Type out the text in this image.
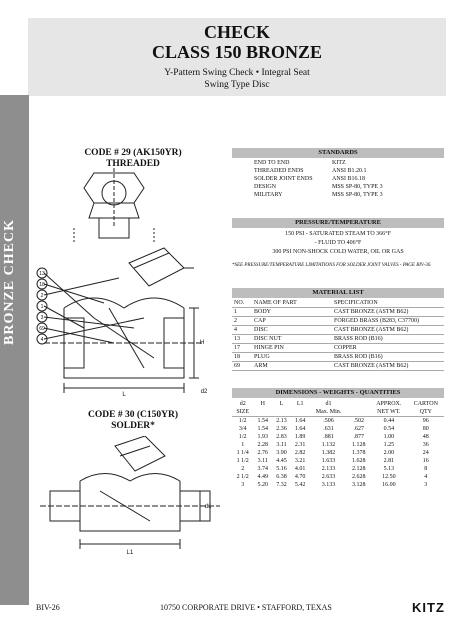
BRONZE CHECK
CHECK
CLASS 150 BRONZE
Y-Pattern Swing Check • Integral Seat
Swing Type Disc
CODE # 29 (AK150YR)
THREADED
13
18
2
1
3
69
4
L	d2
H
CODE # 30 (C150YR)
SOLDER*
L1
d1
STANDARDS
END TO END	KITZ
THREADED ENDS	ANSI B1.20.1
SOLDER JOINT ENDS	ANSI B16.18
DESIGN	MSS SP-80, TYPE 3
MILITARY	MSS SP-80, TYPE 3
PRESSURE/TEMPERATURE
150 PSI - SATURATED STEAM TO 366°F
- FLUID TO 406°F
300 PSI NON-SHOCK COLD WATER, OIL OR GAS
*SEE PRESSURE/TEMPERATURE LIMITATIONS FOR SOLDER JOINT VALVES - PAGE BIV-36.
MATERIAL LIST
NO.	NAME OF PART	SPECIFICATION
1	BODY	CAST BRONZE (ASTM B62)
2	CAP	FORGED BRASS (B283, C37700)
4	DISC	CAST BRONZE (ASTM B62)
13	DISC NUT	BRASS ROD (B16)
17	HINGE PIN	COPPER
18	PLUG	BRASS ROD (B16)
69	ARM	CAST BRONZE (ASTM B62)
DIMENSIONS - WEIGHTS - QUANTITIES
d2	H	L	L1	d1		APPROX.	CARTON
SIZE				Max. Min.		NET WT.	QTY
1/2	1.54	2.13	1.64	.506	.502	0.44	96
3/4	1.54	2.36	1.64	.631	.627	0.54	80
1/2	1.93	2.83	1.89	.881	.877	1.00	48
1	2.28	3.11	2.31	1.132	1.128	1.25	36
1 1/4	2.76	3.90	2.82	1.382	1.378	2.00	24
1 1/2	3.11	4.45	3.21	1.633	1.628	2.81	16
2	3.74	5.16	4.01	2.133	2.128	5.13	8
2 1/2	4.49	6.38	4.70	2.633	2.628	12.50	4
3	5.20	7.32	5.42	3.133	3.128	16.00	3
BIV-26	10750 CORPORATE DRIVE • STAFFORD, TEXAS	KITZ
